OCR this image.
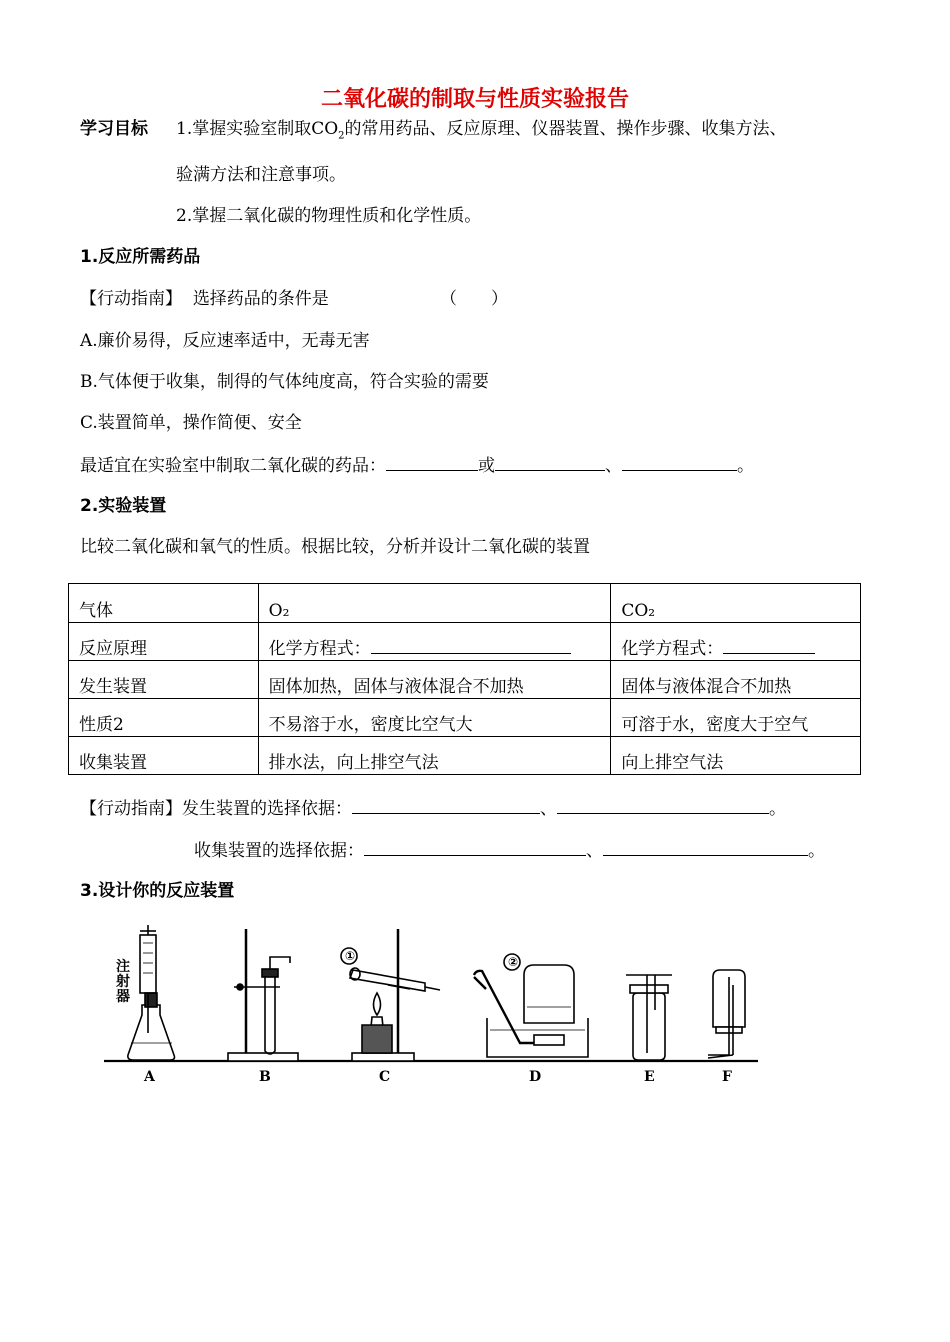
二氧化碳的制取与性质实验报告
学习目标 1.掌握实验室制取$CO_2$的常用药品、反应原理、仪器装置、操作步骤、收集方法、
验满方法和注意事项。
2.掌握二氧化碳的物理性质和化学性质。
1.反应所需药品
【行动指南】 选择药品的条件是	（　　）
A.廉价易得，反应速率适中，无毒无害
B.气体便于收集，制得的气体纯度高，符合实验的需要
C.装置简单，操作简便、安全
最适宜在实验室中制取二氧化碳的药品：	或	、	。
2.实验装置
比较二氧化碳和氧气的性质。根据比较，分析并设计二氧化碳的装置
气体	O₂	CO₂
反应原理	化学方程式：	化学方程式：
发生装置	固体加热，固体与液体混合不加热	固体与液体混合不加热
性质2	不易溶于水，密度比空气大	可溶于水，密度大于空气
收集装置	排水法，向上排空气法	向上排空气法
【行动指南】发生装置的选择依据：	、	。
收集装置的选择依据：	、	。
3.设计你的反应装置
注
射
器
①	②
A	B	C	D	E	F
